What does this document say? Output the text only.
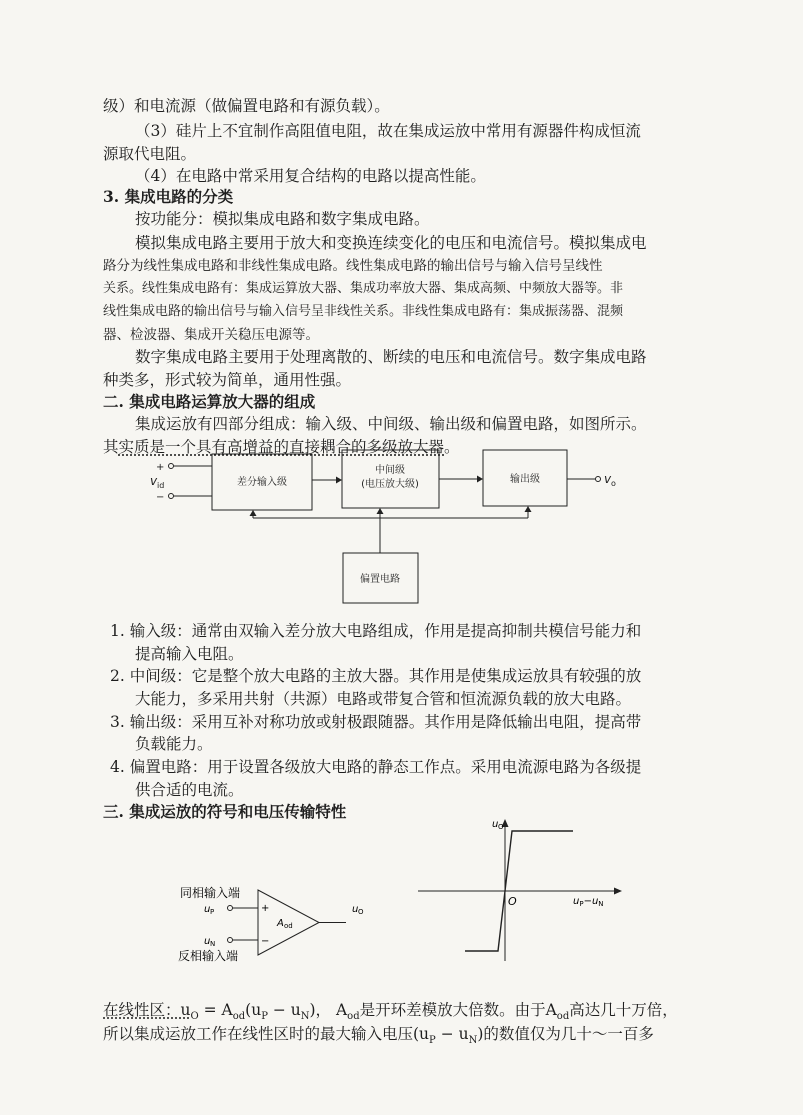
级）和电流源（做偏置电路和有源负载）。
（3）硅片上不宜制作高阻值电阻，故在集成运放中常用有源器件构成恒流
源取代电阻。
（4）在电路中常采用复合结构的电路以提高性能。
3. 集成电路的分类
按功能分：模拟集成电路和数字集成电路。
模拟集成电路主要用于放大和变换连续变化的电压和电流信号。模拟集成电
路分为线性集成电路和非线性集成电路。线性集成电路的输出信号与输入信号呈线性
关系。线性集成电路有：集成运算放大器、集成功率放大器、集成高频、中频放大器等。非
线性集成电路的输出信号与输入信号呈非线性关系。非线性集成电路有：集成振荡器、混频
器、检波器、集成开关稳压电源等。
数字集成电路主要用于处理离散的、断续的电压和电流信号。数字集成电路
种类多，形式较为简单，通用性强。
二. 集成电路运算放大器的组成
集成运放有四部分组成：输入级、中间级、输出级和偏置电路，如图所示。
其实质是一个具有高增益的直接耦合的多级放大器。
+
−
v id	v o
差分输入级
中间级
(电压放大级)	输出级
偏置电路
1. 输入级：通常由双输入差分放大电路组成，作用是提高抑制共模信号能力和
提高输入电阻。
2. 中间级：它是整个放大电路的主放大器。其作用是使集成运放具有较强的放
大能力，多采用共射（共源）电路或带复合管和恒流源负载的放大电路。
3. 输出级：采用互补对称功放或射极跟随器。其作用是降低输出电阻，提高带
负载能力。
4. 偏置电路：用于设置各级放大电路的静态工作点。采用电流源电路为各级提
供合适的电流。
三. 集成运放的符号和电压传输特性
同相输入端
反相输入端
u P
u N
+
−
A od
u O
u O
O	$u_P-u_N$
在线性区：$u_O = A_{od}(u_P - u_N)$， $A_{od}$是开环差模放大倍数。由于$A_{od}$高达几十万倍，
所以集成运放工作在线性区时的最大输入电压$(u_P - u_N)$的数值仅为几十～一百多
